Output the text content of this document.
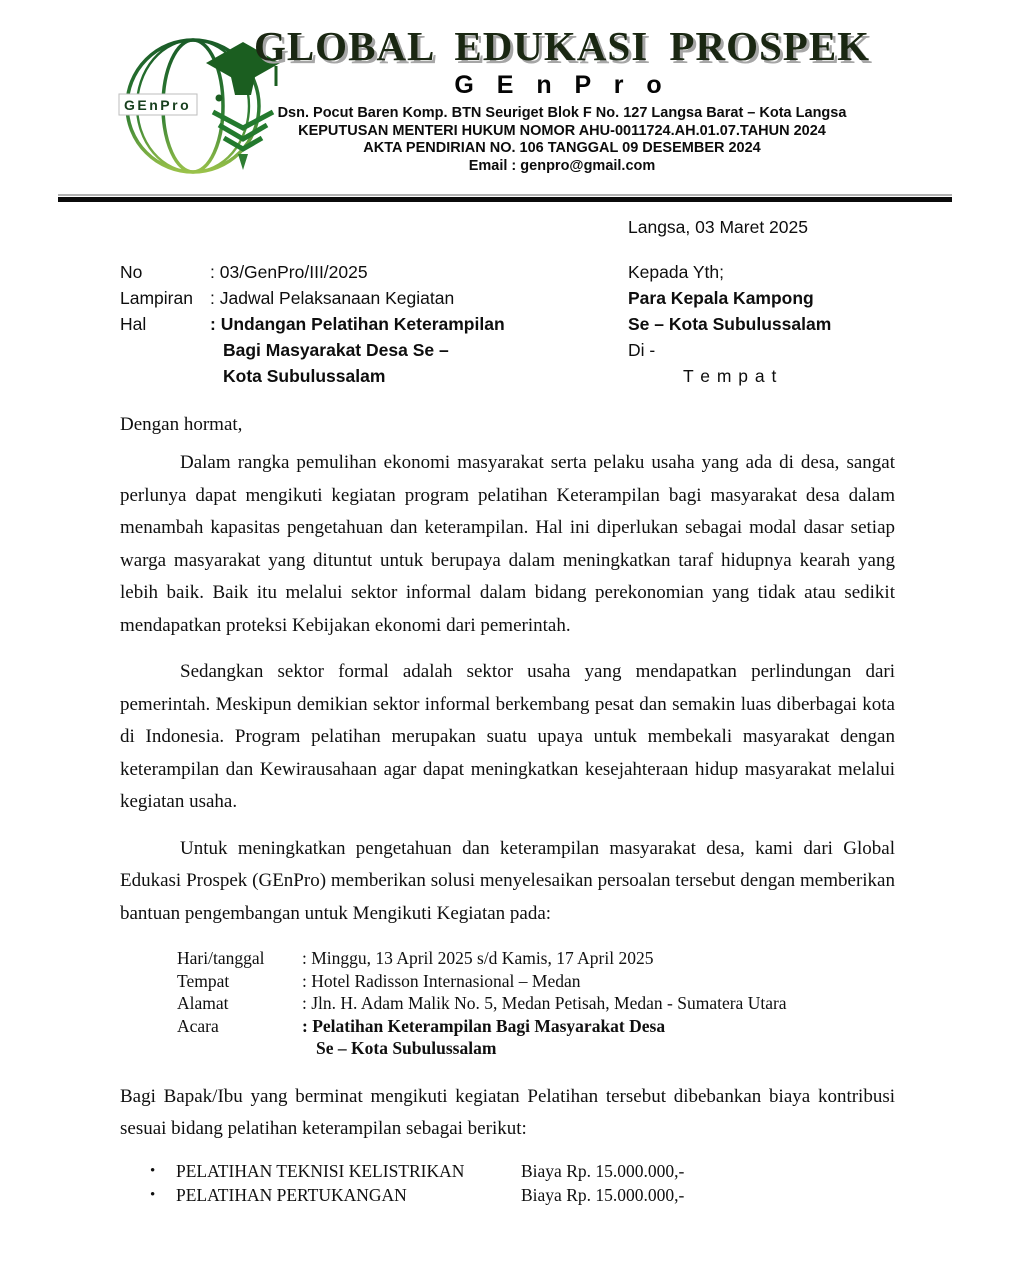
GEnPro
GLOBAL EDUKASI PROSPEK
G E n P r o
Dsn. Pocut Baren Komp. BTN Seuriget Blok F No. 127 Langsa Barat – Kota Langsa
KEPUTUSAN MENTERI HUKUM NOMOR AHU-0011724.AH.01.07.TAHUN 2024
AKTA PENDIRIAN NO. 106 TANGGAL 09 DESEMBER 2024
Email : genpro@gmail.com
Langsa, 03 Maret 2025
No	: 03/GenPro/III/2025
Lampiran : Jadwal Pelaksanaan Kegiatan
Hal	: Undangan Pelatihan Keterampilan
Bagi Masyarakat Desa Se –
Kota Subulussalam
Kepada Yth;
Para Kepala Kampong
Se – Kota Subulussalam
Di -
T e m p a t
Dengan hormat,
Dalam rangka pemulihan ekonomi masyarakat serta pelaku usaha yang ada di desa, sangat perlunya dapat mengikuti kegiatan program pelatihan Keterampilan bagi masyarakat desa dalam menambah kapasitas pengetahuan dan keterampilan. Hal ini diperlukan sebagai modal dasar setiap warga masyarakat yang dituntut untuk berupaya dalam meningkatkan taraf hidupnya kearah yang lebih baik. Baik itu melalui sektor informal dalam bidang perekonomian yang tidak atau sedikit mendapatkan proteksi Kebijakan ekonomi dari pemerintah.
Sedangkan sektor formal adalah sektor usaha yang mendapatkan perlindungan dari pemerintah. Meskipun demikian sektor informal berkembang pesat dan semakin luas diberbagai kota di Indonesia. Program pelatihan merupakan suatu upaya untuk membekali masyarakat dengan keterampilan dan Kewirausahaan agar dapat meningkatkan kesejahteraan hidup masyarakat melalui kegiatan usaha.
Untuk meningkatkan pengetahuan dan keterampilan masyarakat desa, kami dari Global Edukasi Prospek (GEnPro) memberikan solusi menyelesaikan persoalan tersebut dengan memberikan bantuan pengembangan untuk Mengikuti Kegiatan pada:
Hari/tanggal	: Minggu, 13 April 2025 s/d Kamis, 17 April 2025
Tempat	: Hotel Radisson Internasional – Medan
Alamat	: Jln. H. Adam Malik No. 5, Medan Petisah, Medan - Sumatera Utara
Acara	: Pelatihan Keterampilan Bagi Masyarakat Desa
Se – Kota Subulussalam
Bagi Bapak/Ibu yang berminat mengikuti kegiatan Pelatihan tersebut dibebankan biaya kontribusi sesuai bidang pelatihan keterampilan sebagai berikut:
•	PELATIHAN TEKNISI KELISTRIKAN	Biaya Rp. 15.000.000,-
•	PELATIHAN PERTUKANGAN	Biaya Rp. 15.000.000,-
